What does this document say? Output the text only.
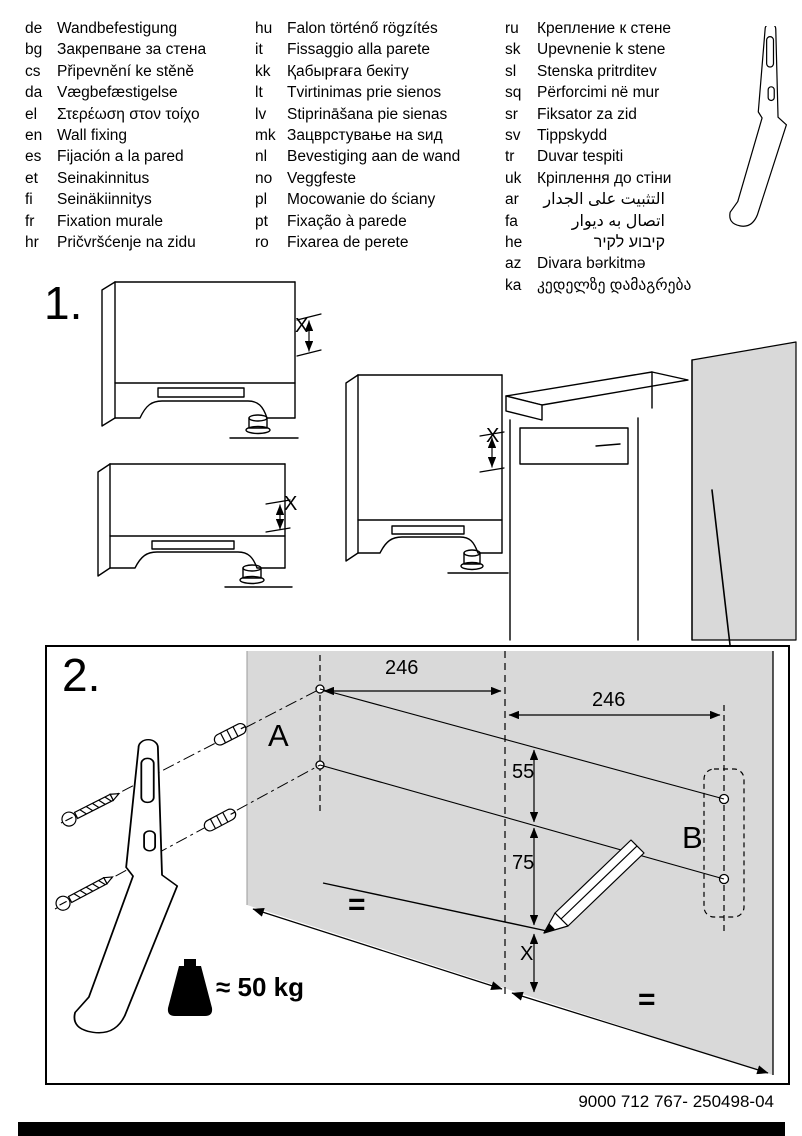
de Wandbefestigung
bg Закрепване за стена
cs	Připevnění ke stěně
da Vægbefæstigelse
el	Στερέωση στον τοίχο
en Wall fixing
es	Fijación a la pared
et	Seinakinnitus
fi	Seinäkiinnitys
fr	Fixation murale
hr	Pričvršćenje na zidu
hu Falon történő rögzítés
it	Fissaggio alla parete
kk	Қабырғаға бекіту
lt	Tvirtinimas prie sienos
lv	Stiprināšana pie sienas
mk Зацврстување на ѕид
nl	Bevestiging aan de wand
no Veggfeste
pl	Mocowanie do ściany
pt	Fixação à parede
ro	Fixarea de perete
ru	Крепление к стене
sk	Upevnenie k stene
sl	Stenska pritrditev
sq	Përforcimi në mur
sr	Fiksator za zid
sv	Tippskydd
tr	Duvar tespiti
uk	Кріплення до стіни
ar	التثبيت على الجدار
fa	اتصال به دیوار
he	קיבוע לקיר
az	Divara bərkitmə
ka	კედელზე დამაგრება
1.	X
X
X
2.	246
246
55
75
X
A
B
=
=
≈ 50 kg
9000 712 767- 250498-04
